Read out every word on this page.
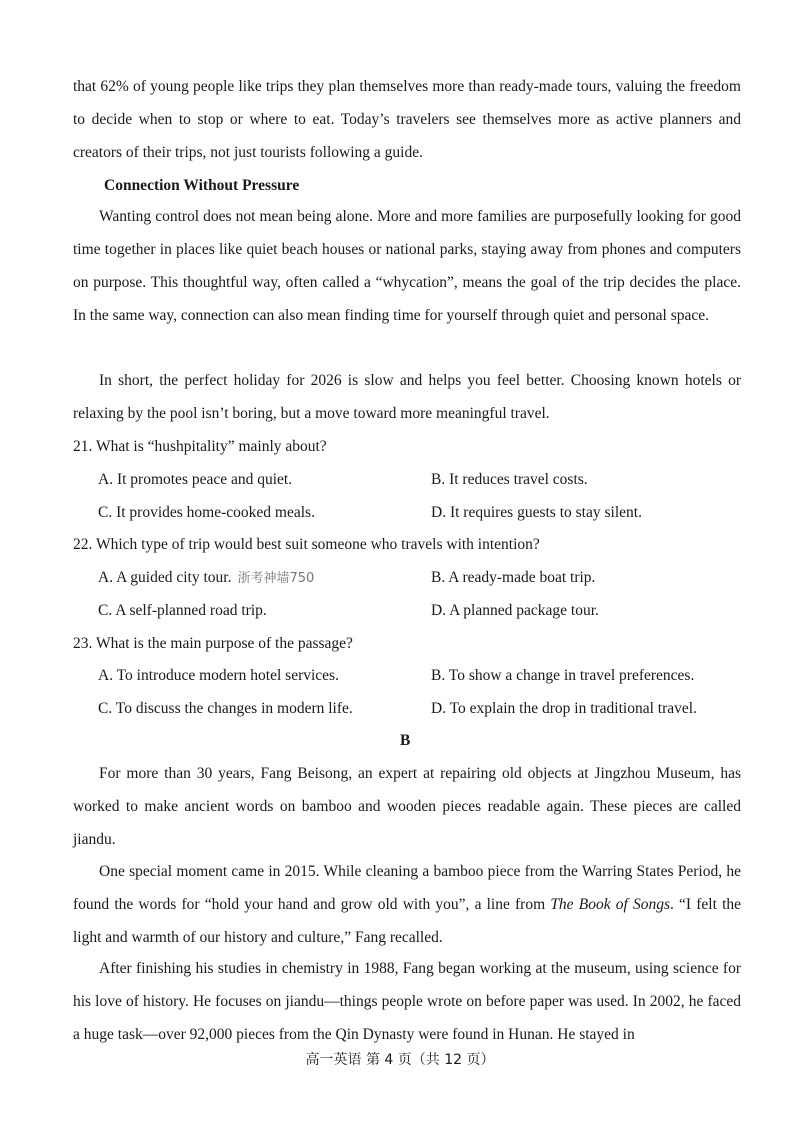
that 62% of young people like trips they plan themselves more than ready-made tours, valuing the freedom to decide when to stop or where to eat. Today’s travelers see themselves more as active planners and creators of their trips, not just tourists following a guide.

Connection Without Pressure

Wanting control does not mean being alone. More and more families are purposefully looking for good time together in places like quiet beach houses or national parks, staying away from phones and computers on purpose. This thoughtful way, often called a “whycation”, means the goal of the trip decides the place. In the same way, connection can also mean finding time for yourself through quiet and personal space.

In short, the perfect holiday for 2026 is slow and helps you feel better. Choosing known hotels or relaxing by the pool isn’t boring, but a move toward more meaningful travel.

21. What is “hushpitality” mainly about?

A. It promotes peace and quiet.	B. It reduces travel costs.

C. It provides home-cooked meals.	D. It requires guests to stay silent.

22. Which type of trip would best suit someone who travels with intention?

A. A guided city tour. 浙考神墙750	B. A ready-made boat trip.

C. A self-planned road trip.	D. A planned package tour.

23. What is the main purpose of the passage?

A. To introduce modern hotel services.	B. To show a change in travel preferences.

C. To discuss the changes in modern life.	D. To explain the drop in traditional travel.

B

For more than 30 years, Fang Beisong, an expert at repairing old objects at Jingzhou Museum, has worked to make ancient words on bamboo and wooden pieces readable again. These pieces are called jiandu.

One special moment came in 2015. While cleaning a bamboo piece from the Warring States Period, he found the words for “hold your hand and grow old with you”, a line from The Book of Songs. “I felt the light and warmth of our history and culture,” Fang recalled.

After finishing his studies in chemistry in 1988, Fang began working at the museum, using science for his love of history. He focuses on jiandu—things people wrote on before paper was used. In 2002, he faced a huge task—over 92,000 pieces from the Qin Dynasty were found in Hunan. He stayed in

高一英语 第 4 页（共 12 页）
